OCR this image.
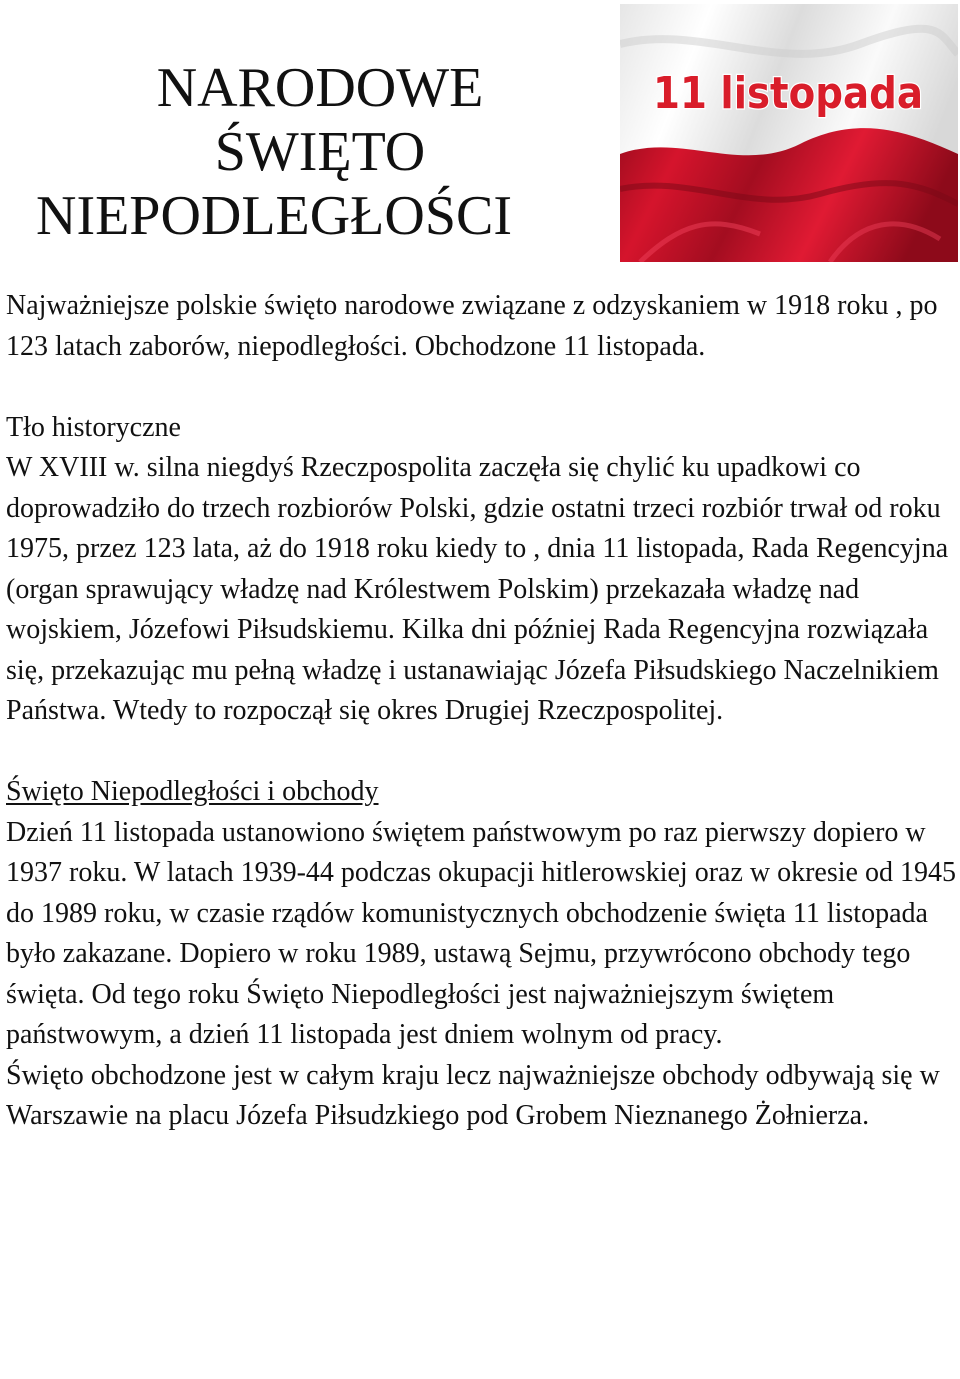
NARODOWE
ŚWIĘTO
NIEPODLEGŁOŚCI
11 listopada

Najważniejsze polskie święto narodowe związane z odzyskaniem w 1918 roku , po 123 latach zaborów, niepodległości. Obchodzone 11 listopada.

Tło historyczne

W XVIII w. silna niegdyś Rzeczpospolita zaczęła się chylić ku upadkowi co doprowadziło do trzech rozbiorów Polski, gdzie ostatni trzeci rozbiór trwał od roku 1975, przez 123 lata, aż do 1918 roku kiedy to , dnia 11 listopada, Rada Regencyjna (organ sprawujący władzę nad Królestwem Polskim) przekazała władzę nad wojskiem, Józefowi Piłsudskiemu. Kilka dni później Rada Regencyjna rozwiązała się, przekazując mu pełną władzę i ustanawiając Józefa Piłsudskiego Naczelnikiem Państwa. Wtedy to rozpoczął się okres Drugiej Rzeczpospolitej.

Święto Niepodległości i obchody

Dzień 11 listopada ustanowiono świętem państwowym po raz pierwszy dopiero w 1937 roku. W latach 1939-44 podczas okupacji hitlerowskiej oraz w okresie od 1945 do 1989 roku, w czasie rządów komunistycznych obchodzenie święta 11 listopada było zakazane. Dopiero w roku 1989, ustawą Sejmu, przywrócono obchody tego święta. Od tego roku Święto Niepodległości jest najważniejszym świętem państwowym, a dzień 11 listopada jest dniem wolnym od pracy.

Święto obchodzone jest w całym kraju lecz najważniejsze obchody odbywają się w Warszawie na placu Józefa Piłsudzkiego pod Grobem Nieznanego Żołnierza.
